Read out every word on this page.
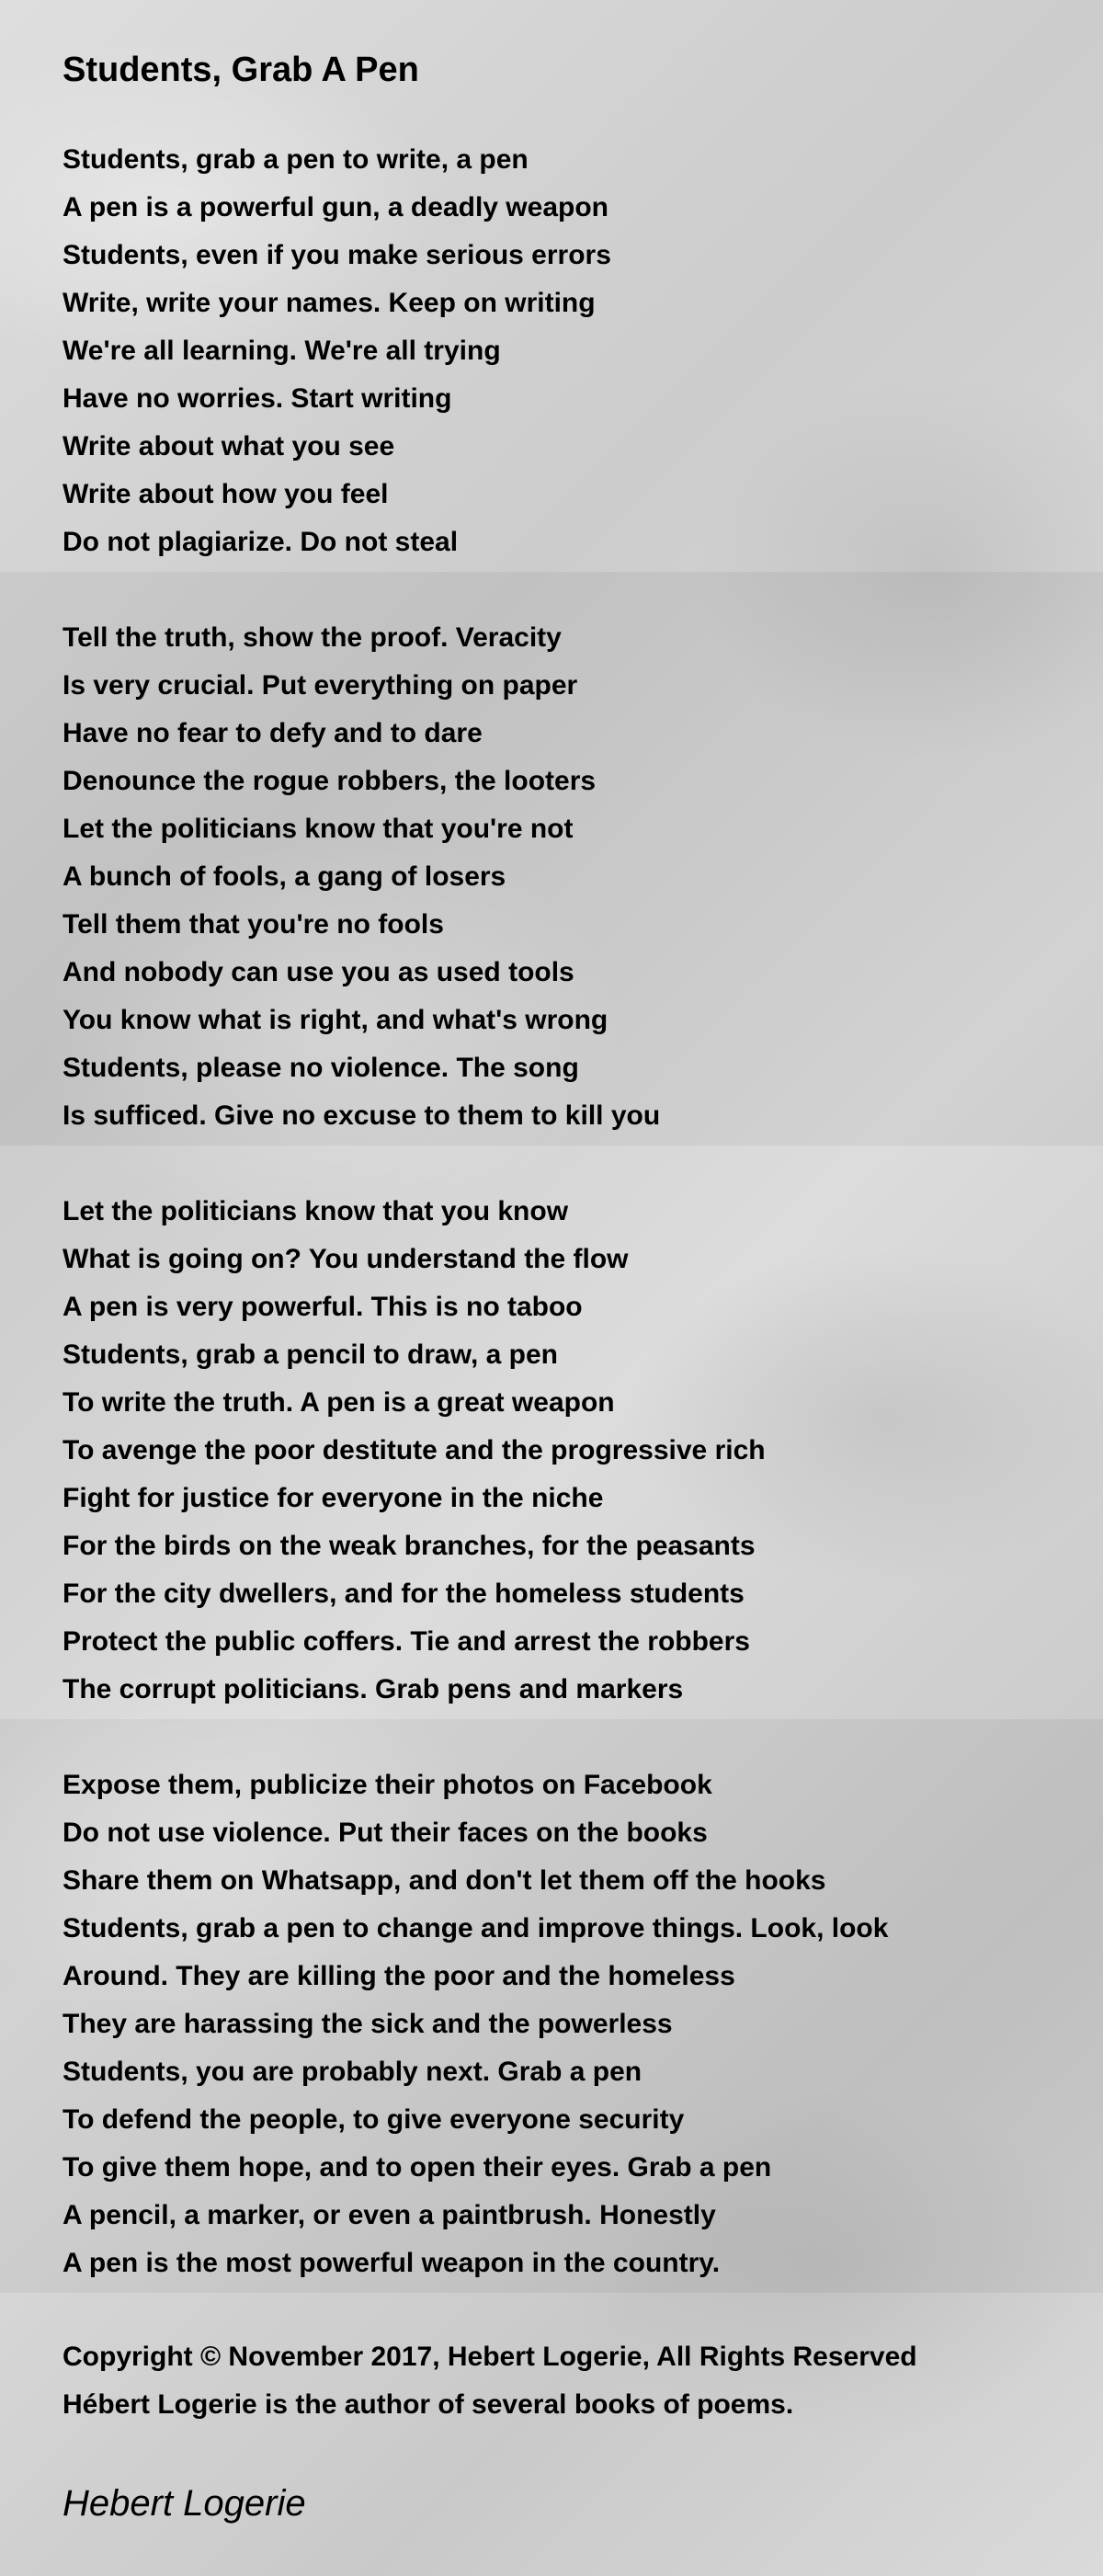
Students, Grab A Pen
Students, grab a pen to write, a pen
A pen is a powerful gun, a deadly weapon
Students, even if you make serious errors
Write, write your names. Keep on writing
We're all learning. We're all trying
Have no worries. Start writing
Write about what you see
Write about how you feel
Do not plagiarize. Do not steal
Tell the truth, show the proof. Veracity
Is very crucial. Put everything on paper
Have no fear to defy and to dare
Denounce the rogue robbers, the looters
Let the politicians know that you're not
A bunch of fools, a gang of losers
Tell them that you're no fools
And nobody can use you as used tools
You know what is right, and what's wrong
Students, please no violence. The song
Is sufficed. Give no excuse to them to kill you
Let the politicians know that you know
What is going on? You understand the flow
A pen is very powerful. This is no taboo
Students, grab a pencil to draw, a pen
To write the truth. A pen is a great weapon
To avenge the poor destitute and the progressive rich
Fight for justice for everyone in the niche
For the birds on the weak branches, for the peasants
For the city dwellers, and for the homeless students
Protect the public coffers. Tie and arrest the robbers
The corrupt politicians. Grab pens and markers
Expose them, publicize their photos on Facebook
Do not use violence. Put their faces on the books
Share them on Whatsapp, and don't let them off the hooks
Students, grab a pen to change and improve things. Look, look
Around. They are killing the poor and the homeless
They are harassing the sick and the powerless
Students, you are probably next. Grab a pen
To defend the people, to give everyone security
To give them hope, and to open their eyes. Grab a pen
A pencil, a marker, or even a paintbrush. Honestly
A pen is the most powerful weapon in the country.
Copyright © November 2017, Hebert Logerie, All Rights Reserved
Hébert Logerie is the author of several books of poems.
Hebert Logerie
